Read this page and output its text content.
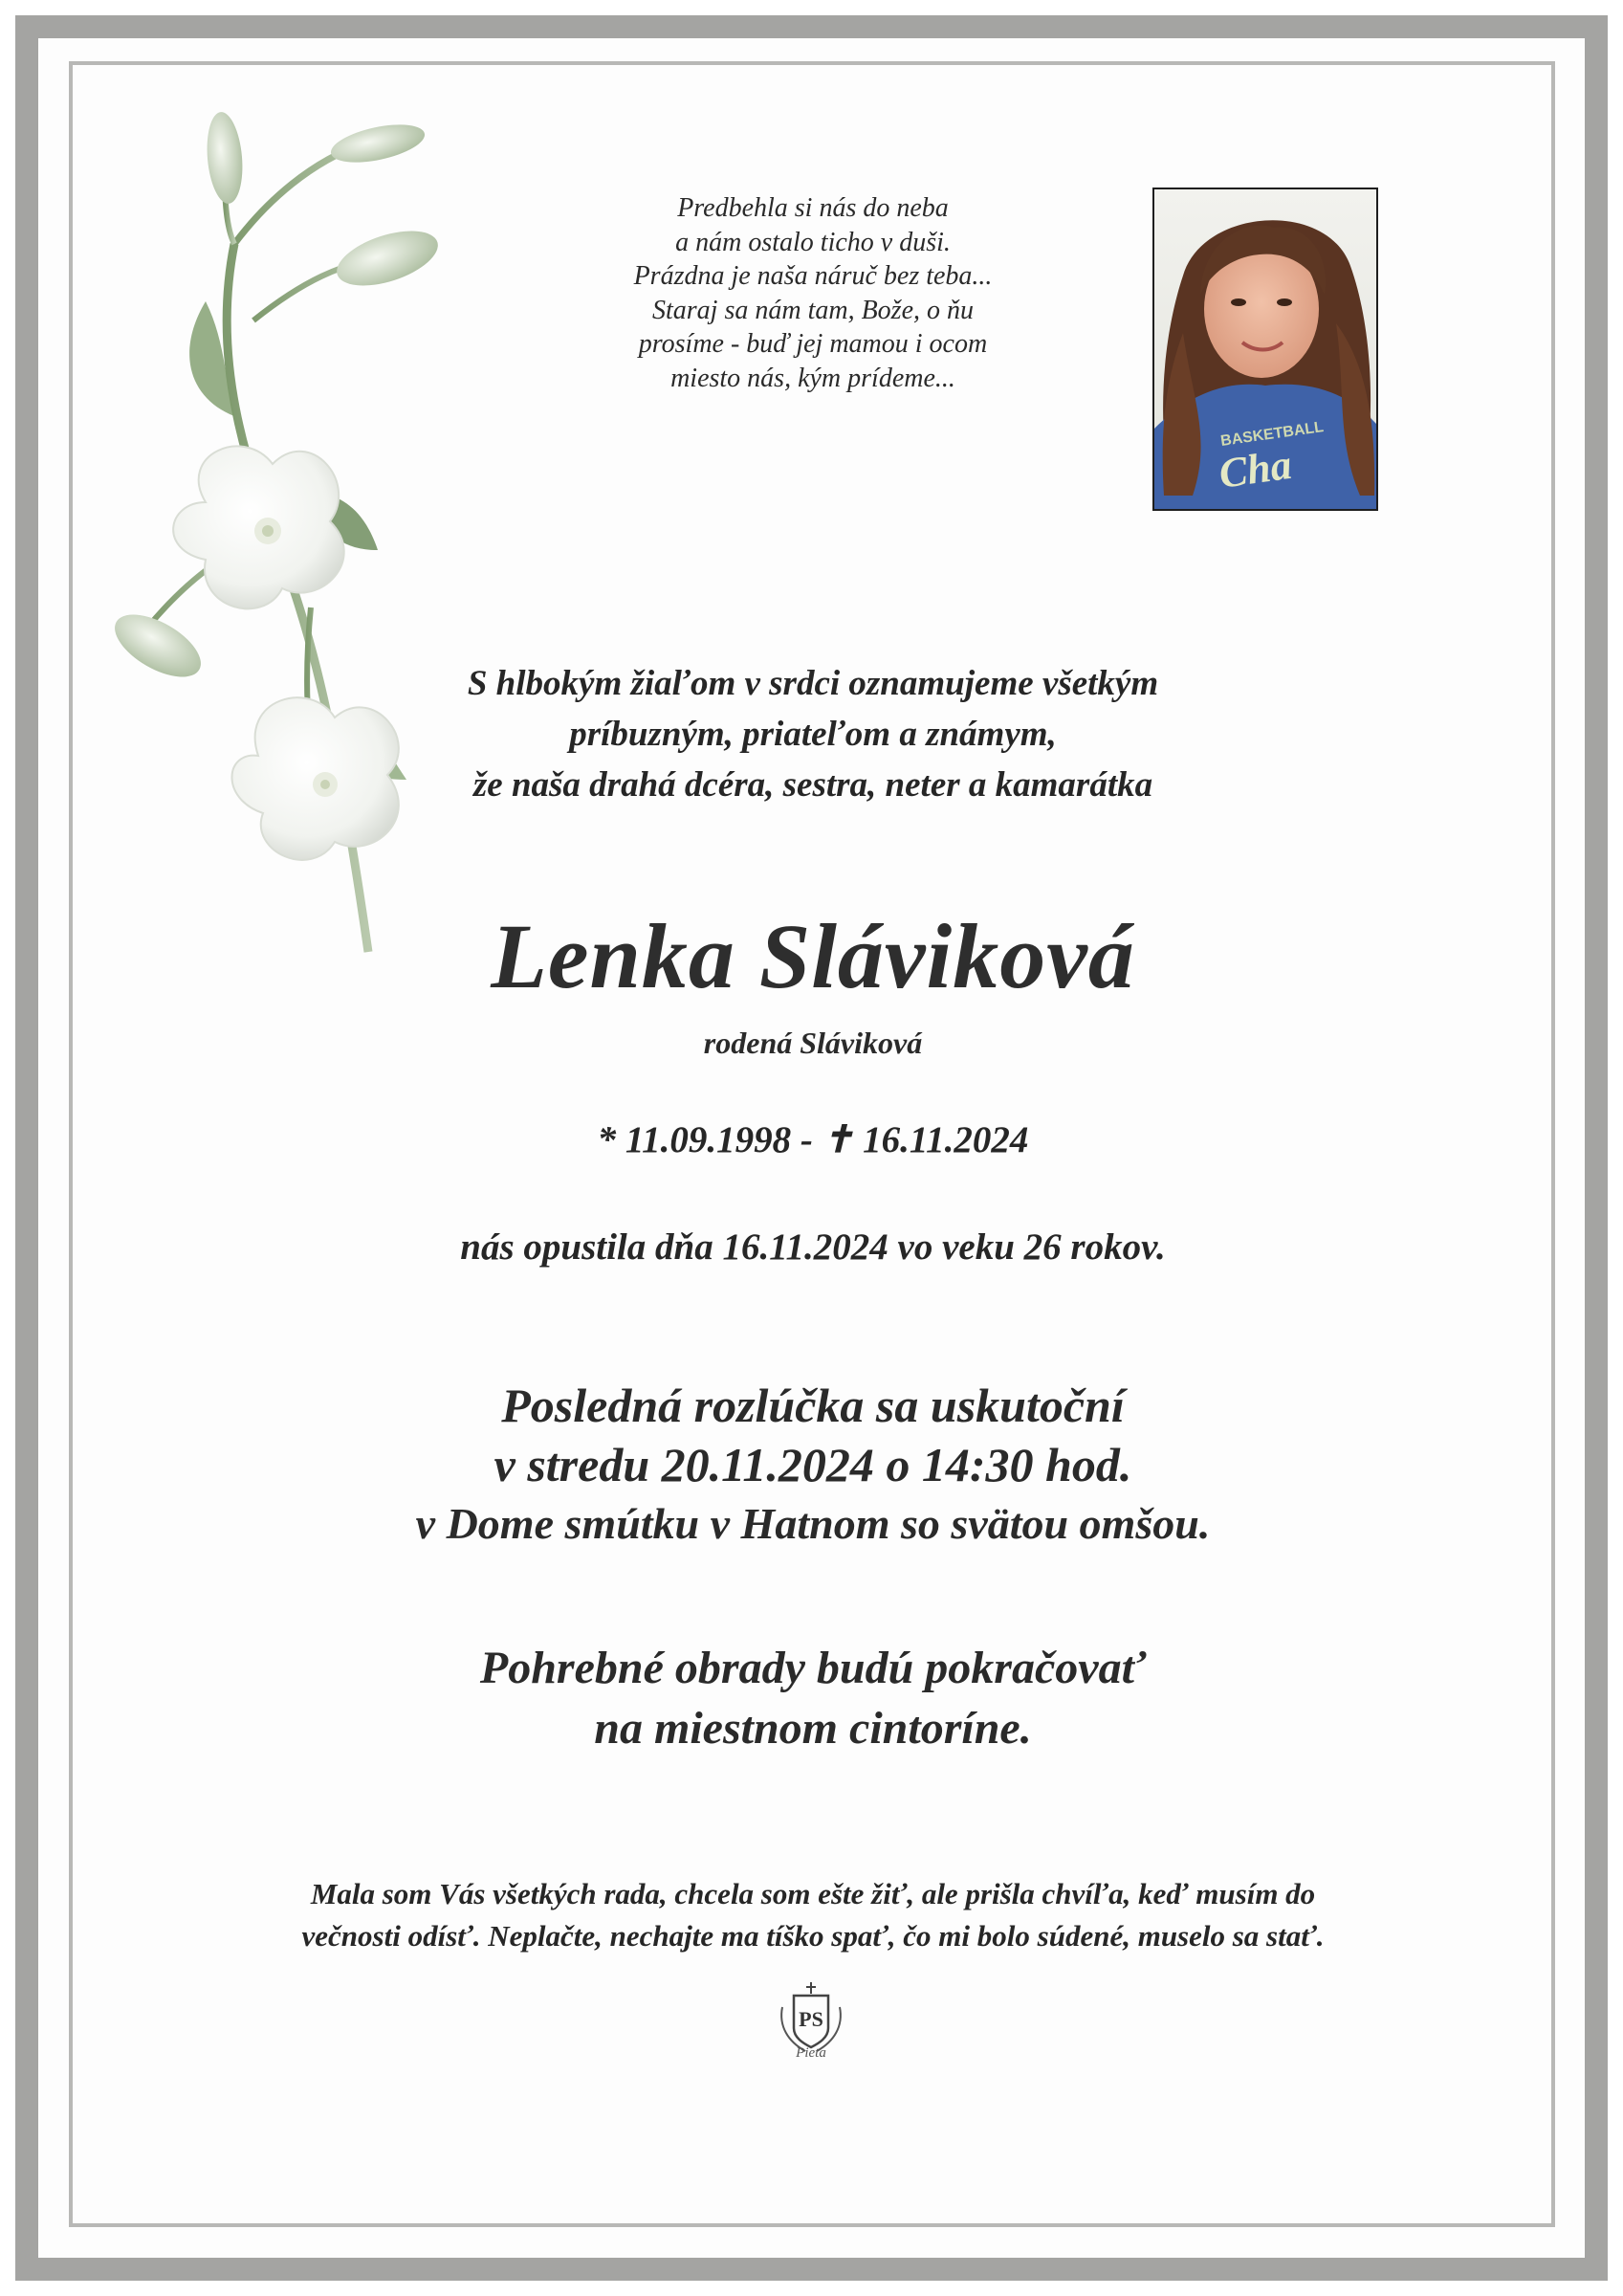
Predbehla si nás do neba
a nám ostalo ticho v duši.
Prázdna je naša náruč bez teba...
Staraj sa nám tam, Bože, o ňu
prosíme - buď jej mamou i ocom
miesto nás, kým prídeme...
BASKETBALL
Cha
S hlbokým žiaľom v srdci oznamujeme všetkým
príbuzným, priateľom a známym,
že naša drahá dcéra, sestra, neter a kamarátka
Lenka Sláviková
rodená Sláviková
* 11.09.1998 - ✝ 16.11.2024
nás opustila dňa 16.11.2024 vo veku 26 rokov.
Posledná rozlúčka sa uskutoční
v stredu 20.11.2024 o 14:30 hod.
v Dome smútku v Hatnom so svätou omšou.
Pohrebné obrady budú pokračovať
na miestnom cintoríne.
Mala som Vás všetkých rada, chcela som ešte žiť, ale prišla chvíľa, keď musím do
večnosti odísť. Neplačte, nechajte ma tíško spať, čo mi bolo súdené, muselo sa stať.
PS
Pieta
